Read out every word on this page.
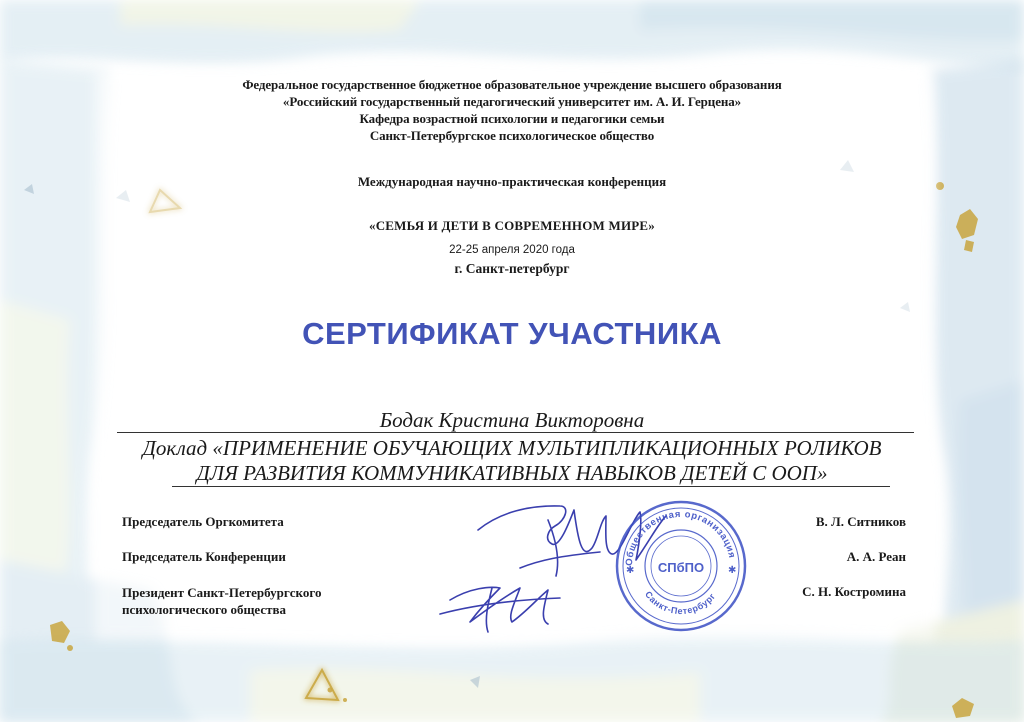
Федеральное государственное бюджетное образовательное учреждение высшего образования
«Российский государственный педагогический университет им. А. И. Герцена»
Кафедра возрастной психологии и педагогики семьи
Санкт-Петербургское психологическое общество
Международная научно-практическая конференция
«СЕМЬЯ И ДЕТИ В СОВРЕМЕННОМ МИРЕ»
22-25 апреля 2020 года
г. Санкт-петербург
СЕРТИФИКАТ УЧАСТНИКА
Бодак Кристина Викторовна
Доклад «ПРИМЕНЕНИЕ ОБУЧАЮЩИХ МУЛЬТИПЛИКАЦИОННЫХ РОЛИКОВ
ДЛЯ РАЗВИТИЯ КОММУНИКАТИВНЫХ НАВЫКОВ ДЕТЕЙ С ООП»
Председатель Оргкомитета
Председатель Конференции
Президент Санкт-Петербургского
психологического общества
В. Л. Ситников
А. А. Реан
С. Н. Костромина
Общественная организация
Санкт-Петербург
СПбПО
✱	✱
